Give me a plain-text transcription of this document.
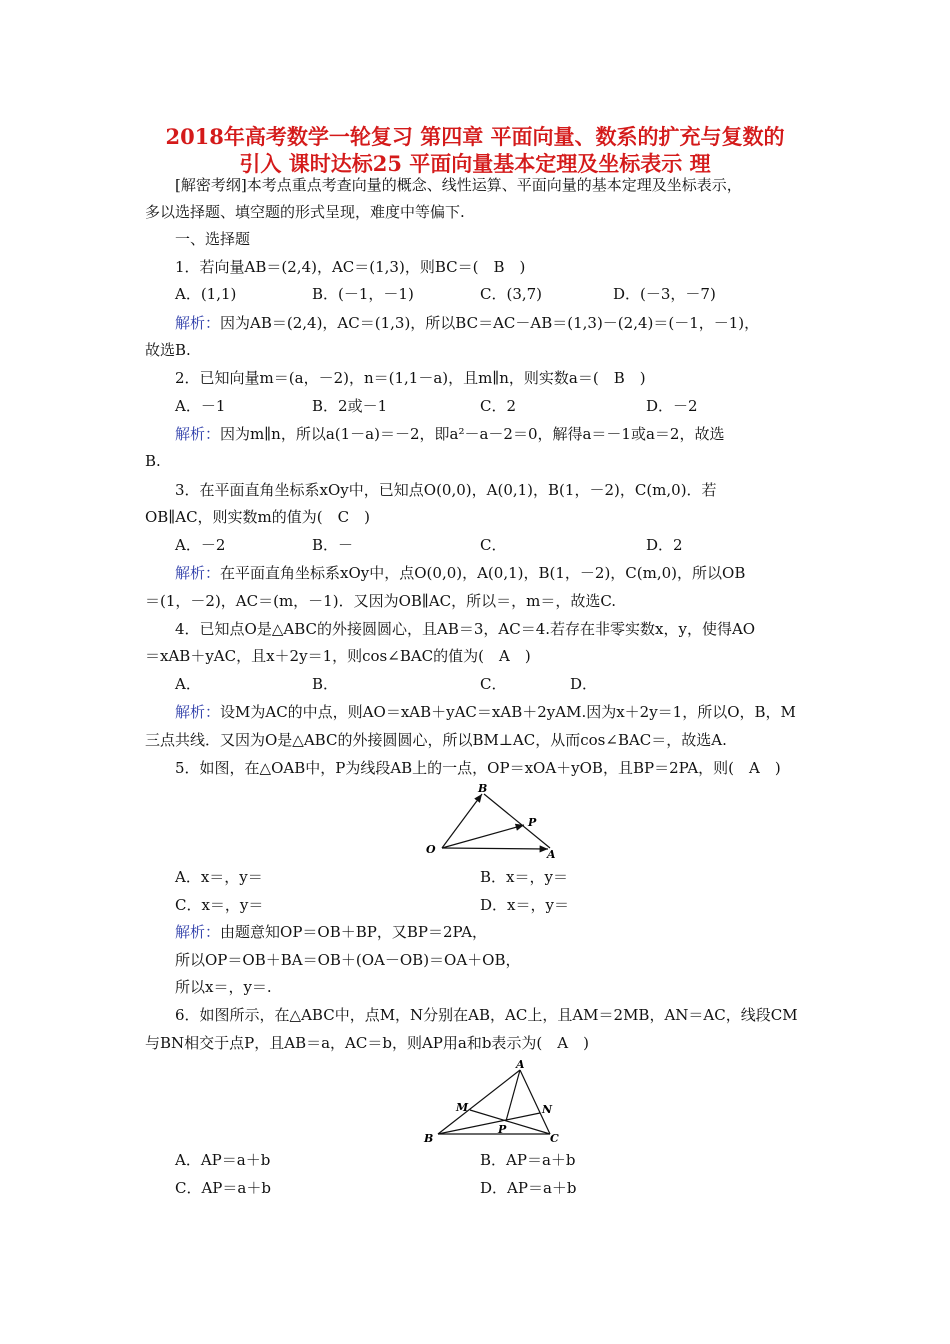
2018年高考数学一轮复习 第四章 平面向量、数系的扩充与复数的
引入 课时达标25 平面向量基本定理及坐标表示 理
[解密考纲]本考点重点考查向量的概念、线性运算、平面向量的基本定理及坐标表示，
多以选择题、填空题的形式呈现，难度中等偏下.
一、选择题
1．若向量AB＝(2,4)，AC＝(1,3)，则BC＝(　B　)
A．(1,1)	B．(－1，－1)	C．(3,7)	D．(－3，－7)
解析：因为AB＝(2,4)，AC＝(1,3)，所以BC＝AC－AB＝(1,3)－(2,4)＝(－1，－1)，
故选B.
2．已知向量m＝(a，－2)，n＝(1,1－a)，且m∥n，则实数a＝(　B　)
A．－1	B．2或－1	C．2	D．－2
解析：因为m∥n，所以a(1－a)＝－2，即a²－a－2＝0，解得a＝－1或a＝2，故选
B.
3．在平面直角坐标系xOy中，已知点O(0,0)，A(0,1)，B(1，－2)，C(m,0)．若
OB∥AC，则实数m的值为(　C　)
A．－2	B．－	C．	D．2
解析：在平面直角坐标系xOy中，点O(0,0)，A(0,1)，B(1，－2)，C(m,0)，所以OB
＝(1，－2)，AC＝(m，－1)．又因为OB∥AC，所以＝，m＝，故选C.
4．已知点O是△ABC的外接圆圆心，且AB＝3，AC＝4.若存在非零实数x，y，使得AO
＝xAB＋yAC，且x＋2y＝1，则cos∠BAC的值为(　A　)
A．	B．	C．	D．
解析：设M为AC的中点，则AO＝xAB＋yAC＝xAB＋2yAM.因为x＋2y＝1，所以O，B，M
三点共线．又因为O是△ABC的外接圆圆心，所以BM⊥AC，从而cos∠BAC＝，故选A.
5．如图，在△OAB中，P为线段AB上的一点，OP＝xOA＋yOB，且BP＝2PA，则(　A　)
B
P
O	A
A．x＝，y＝	B．x＝，y＝
C．x＝，y＝	D．x＝，y＝
解析：由题意知OP＝OB＋BP，又BP＝2PA，
所以OP＝OB＋BA＝OB＋(OA－OB)＝OA＋OB，
所以x＝，y＝.
6．如图所示，在△ABC中，点M，N分别在AB，AC上，且AM＝2MB，AN＝AC，线段CM
与BN相交于点P，且AB＝a，AC＝b，则AP用a和b表示为(　A　)
A
M	N
P
B	C
A．AP＝a＋b	B．AP＝a＋b
C．AP＝a＋b	D．AP＝a＋b
